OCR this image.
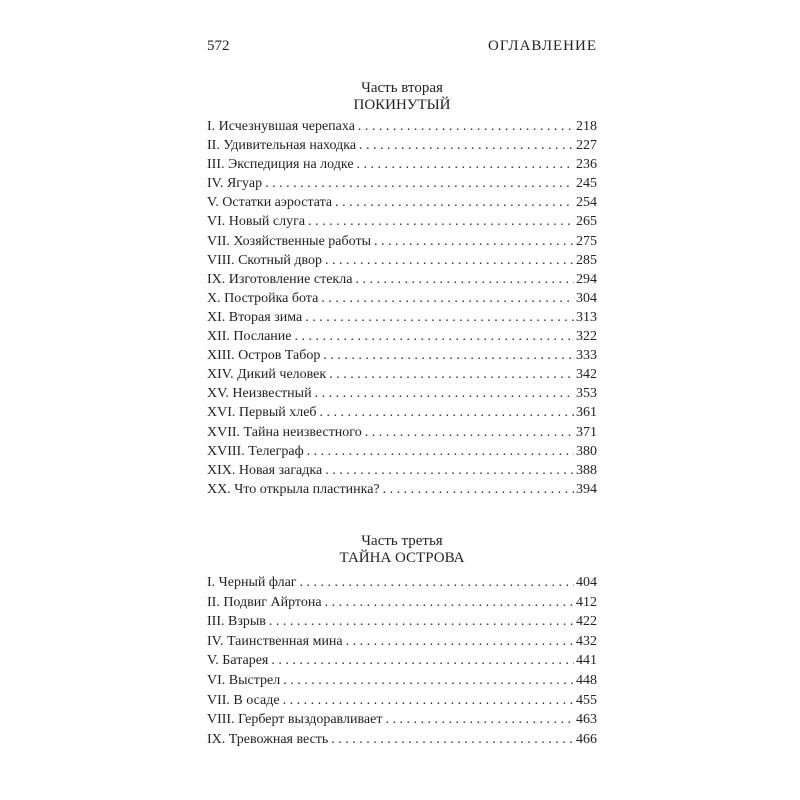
572	ОГЛАВЛЕНИЕ
Часть вторая
ПОКИНУТЫЙ
I. Исчезнувшая черепаха . . .	218
II. Удивительная находка . . .	227
III. Экспедиция на лодке . . .	236
IV. Ягуар . . .	245
V. Остатки аэростата . . .	254
VI. Новый слуга . . .	265
VII. Хозяйственные работы . . .	275
VIII. Скотный двор . . .	285
IX. Изготовление стекла . . .	294
X. Постройка бота . . .	304
XI. Вторая зима . . .	313
XII. Послание . . .	322
XIII. Остров Табор . . .	333
XIV. Дикий человек . . .	342
XV. Неизвестный . . .	353
XVI. Первый хлеб . . .	361
XVII. Тайна неизвестного . . .	371
XVIII. Телеграф . . .	380
XIX. Новая загадка . . .	388
XX. Что открыла пластинка? . . .	394
Часть третья
ТАЙНА ОСТРОВА
I. Черный флаг . . .	404
II. Подвиг Айртона . . .	412
III. Взрыв . . .	422
IV. Таинственная мина . . .	432
V. Батарея . . .	441
VI. Выстрел . . .	448
VII. В осаде . . .	455
VIII. Герберт выздоравливает . . .	463
IX. Тревожная весть . . .	466
